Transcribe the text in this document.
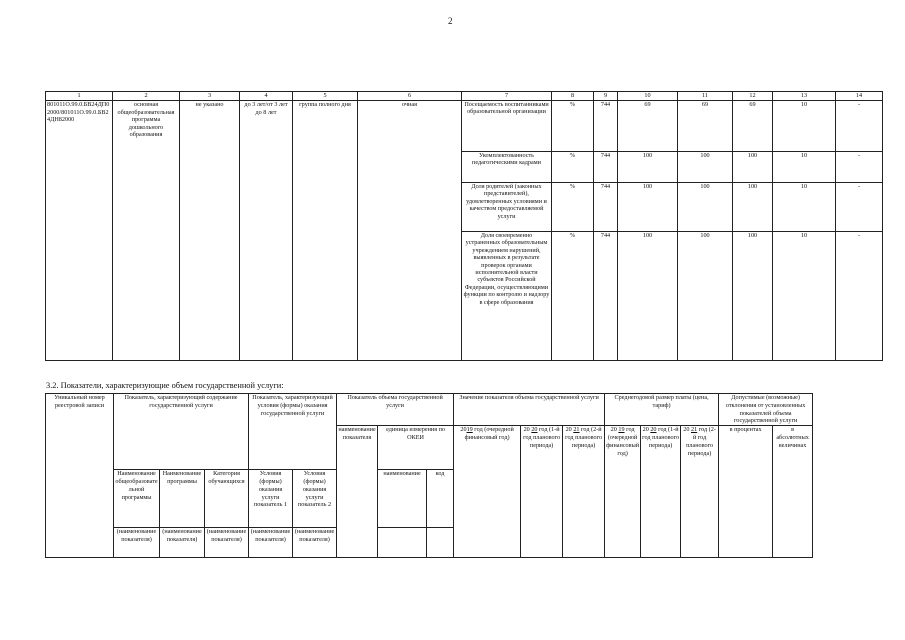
2
1	2	3	4	5	6	7	8	9	10	11	12	13	14
801011О.99.0.БВ24ДП02000/801011О.99.0.БВ24ДН82000	основная общеобразовательная программа дошкольного образования	не указано	до 3 лет/от 3 лет до 8 лет	группа полного дня	очная	Посещаемость воспитанниками образовательной организации	%	744	69	69	69	10	-
						Укомплектованность педагогическими кадрами	%	744	100	100	100	10	-
						Доля родителей (законных представителей), удовлетворенных условиями и качеством предоставляемой услуги	%	744	100	100	100	10	-
						Доля своевременно устраненных образовательным учреждением нарушений, выявленных в результате проверок органами исполнительной власти субъектов Российской Федерации, осуществляющими функции по контролю и надзору в сфере образования	%	744	100	100	100	10	-
3.2. Показатели, характеризующие объем государственной услуги:
Уникальный номер реестровой записи	Показатель, характеризующий содержание государственной услуги			Показатель, характеризующий условия (формы) оказания государственной услуги		Показатель объема государственной услуги			Значение показателя объема государственной услуги			Среднегодовой размер платы (цена, тариф)			Допустимые (возможные) отклонения от установленных показателей объема государственной услуги	
						наименование показателя	единица измерения по ОКЕИ		2019 год (очередной финансовый год)	20 20 год (1-й год планового периода)	20 21 год (2-й год планового периода)	20 19 год (очередной финансовый год)	20 20 год (1-й год планового периода)	20 21 год (2-й год планового периода)	в процентах	в абсолютных величинах
	Наименование общеобразовательной программы	Наименование программы	Категория обучающихся	Условия (формы) оказания услуги показатель 1	Условия (формы) оказания услуги показатель 2		наименование	код								
	(наименование показателя)	(наименование показателя)	(наименование показателя)	(наименование показателя)	(наименование показателя)											
